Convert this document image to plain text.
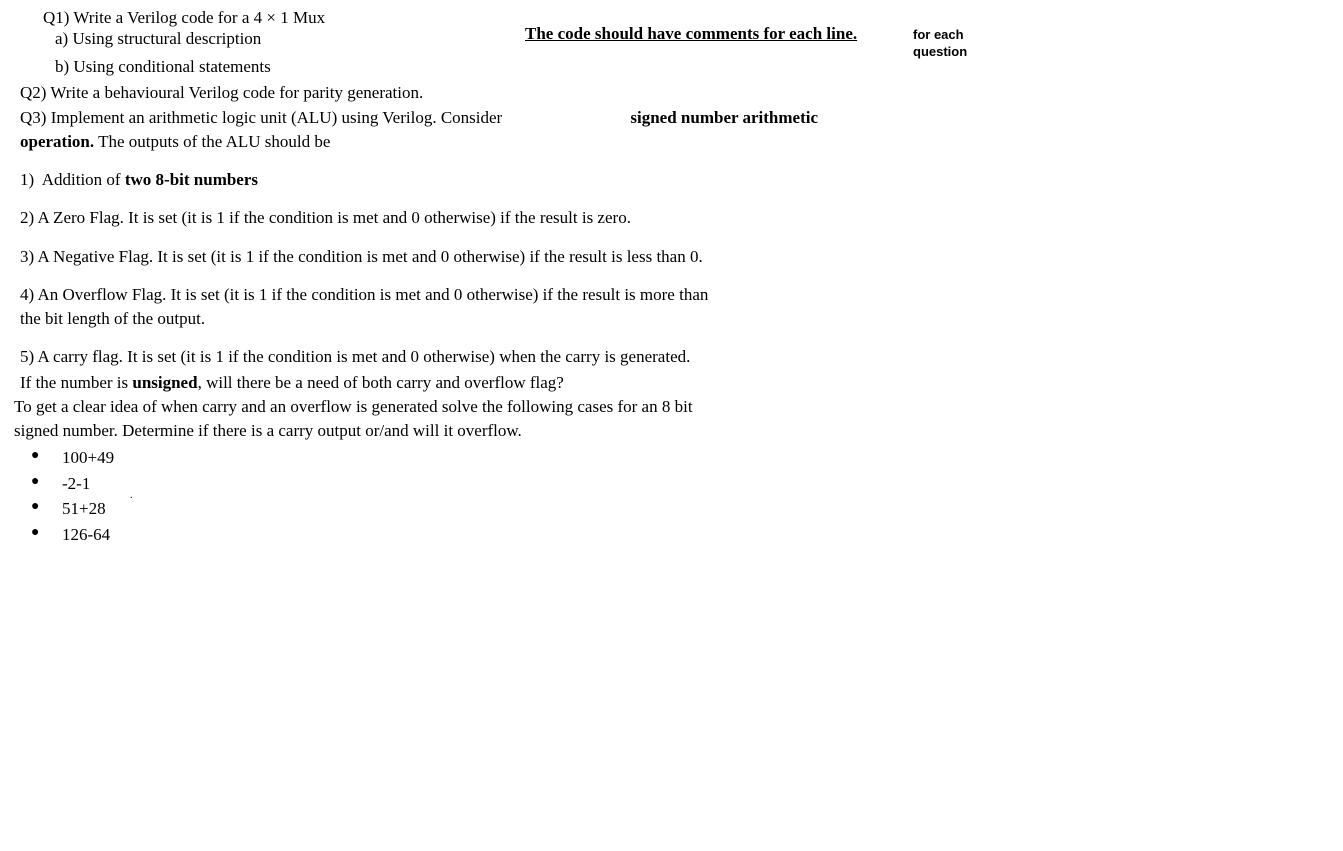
Q1) Write a Verilog code for a 4 × 1 Mux
a) Using structural description
b) Using conditional statements
The code should have comments for each line.	for each
question
Q2) Write a behavioural Verilog code for parity generation.
Q3) Implement an arithmetic logic unit (ALU) using Verilog. Consider	signed number arithmetic
operation. The outputs of the ALU should be
1)  Addition of two 8-bit numbers
2) A Zero Flag. It is set (it is 1 if the condition is met and 0 otherwise) if the result is zero.
3) A Negative Flag. It is set (it is 1 if the condition is met and 0 otherwise) if the result is less than 0.
4) An Overflow Flag. It is set (it is 1 if the condition is met and 0 otherwise) if the result is more than
the bit length of the output.
5) A carry flag. It is set (it is 1 if the condition is met and 0 otherwise) when the carry is generated.
If the number is unsigned, will there be a need of both carry and overflow flag?
To get a clear idea of when carry and an overflow is generated solve the following cases for an 8 bit
signed number. Determine if there is a carry output or/and will it overflow.
● 100+49
● -2-1
● 51+28
● 126-64
.
